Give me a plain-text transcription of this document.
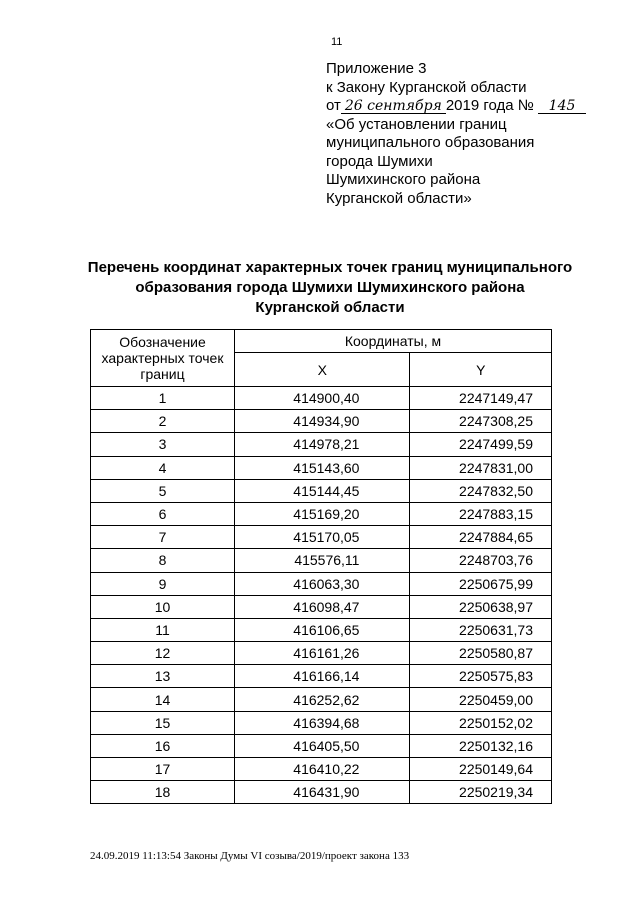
11
Приложение 3
к Закону Курганской области
от 26 сентября 2019 года № 145
«Об установлении границ
муниципального образования
города Шумихи
Шумихинского района
Курганской области»
Перечень координат характерных точек границ муниципального
образования города Шумихи Шумихинского района
Курганской области
Обозначение характерных точек границ	Координаты, м	
	X	Y
1	414900,40	2247149,47
2	414934,90	2247308,25
3	414978,21	2247499,59
4	415143,60	2247831,00
5	415144,45	2247832,50
6	415169,20	2247883,15
7	415170,05	2247884,65
8	415576,11	2248703,76
9	416063,30	2250675,99
10	416098,47	2250638,97
11	416106,65	2250631,73
12	416161,26	2250580,87
13	416166,14	2250575,83
14	416252,62	2250459,00
15	416394,68	2250152,02
16	416405,50	2250132,16
17	416410,22	2250149,64
18	416431,90	2250219,34
24.09.2019 11:13:54 Законы Думы VI созыва/2019/проект закона 133
